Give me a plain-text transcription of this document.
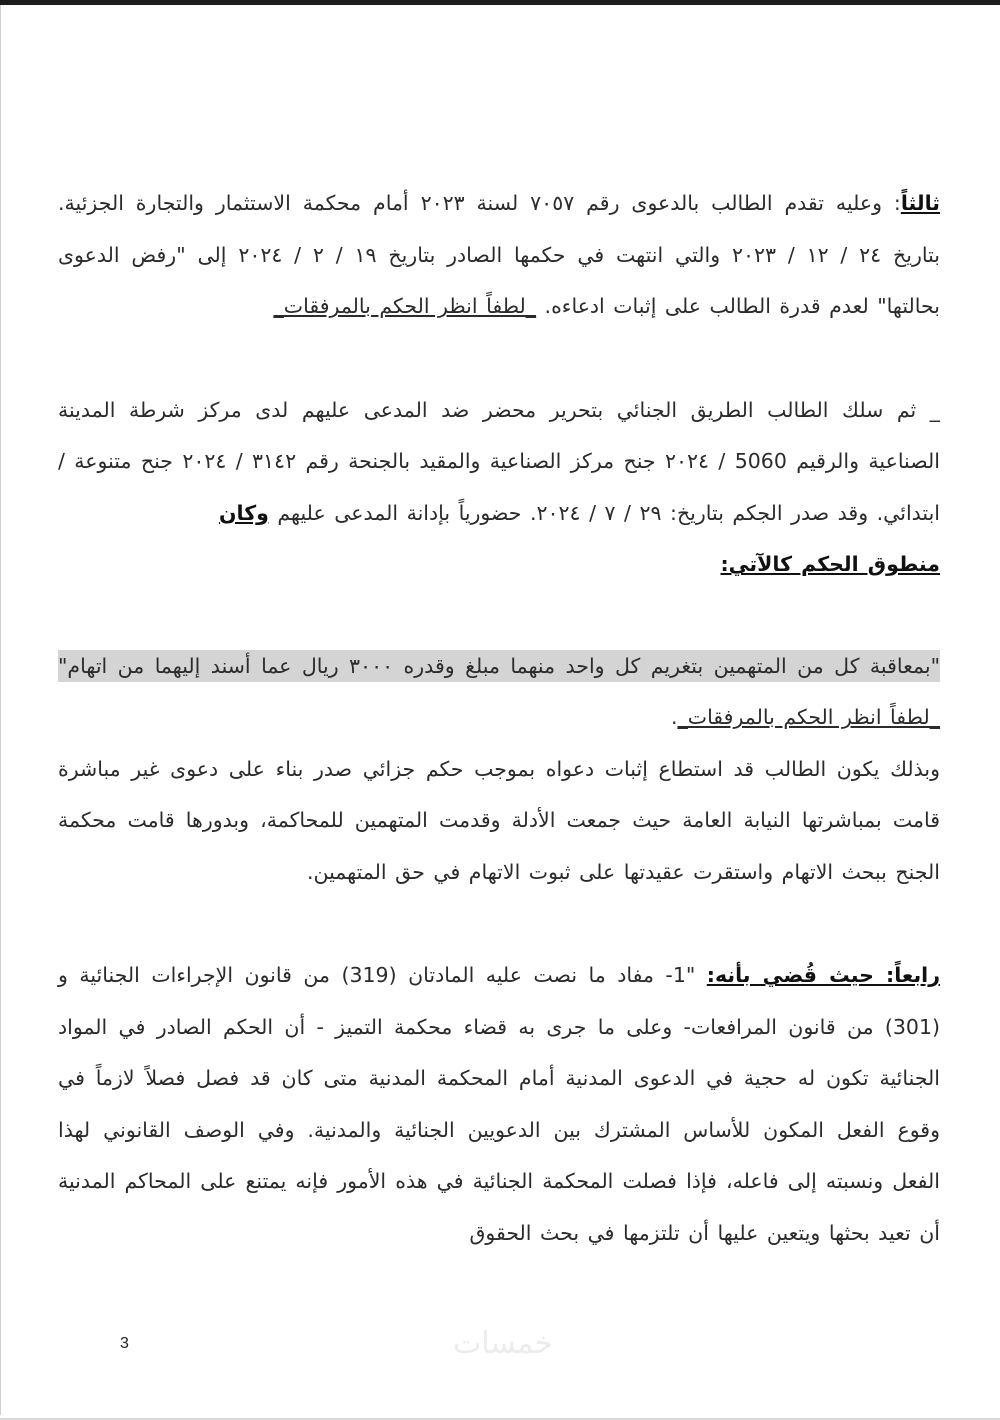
ثالثاً: وعليه تقدم الطالب بالدعوى رقم ٧٠٥٧ لسنة ٢٠٢٣ أمام محكمة الاستثمار والتجارة الجزئية. بتاريخ ٢٤ / ١٢ / ٢٠٢٣ والتي انتهت في حكمها الصادر بتاريخ ١٩ / ٢ / ٢٠٢٤ إلى "رفض الدعوى بحالتها" لعدم قدرة الطالب على إثبات ادعاءه. _لطفاً انظر الحكم بالمرفقات_

_ ثم سلك الطالب الطريق الجنائي بتحرير محضر ضد المدعى عليهم لدى مركز شرطة المدينة الصناعية والرقيم 5060 / ٢٠٢٤ جنح مركز الصناعية والمقيد بالجنحة رقم ٣١٤٢ / ٢٠٢٤ جنح متنوعة / ابتدائي. وقد صدر الجكم بتاريخ: ٢٩ / ٧ / ٢٠٢٤. حضورياً بإدانة المدعى عليهم وكان

منطوق الحكم كالآتي:

"بمعاقبة كل من المتهمين بتغريم كل واحد منهما مبلغ وقدره ٣٠٠٠ ريال عما أسند إليهما من اتهام" _لطفاً انظر الحكم بالمرفقات_.

وبذلك يكون الطالب قد استطاع إثبات دعواه بموجب حكم جزائي صدر بناء على دعوى غير مباشرة قامت بمباشرتها النيابة العامة حيث جمعت الأدلة وقدمت المتهمين للمحاكمة، وبدورها قامت محكمة الجنح ببحث الاتهام واستقرت عقيدتها على ثبوت الاتهام في حق المتهمين.

رابعاً: حيث قُضي بأنه: "1- مفاد ما نصت عليه المادتان (319) من قانون الإجراءات الجنائية و (301) من قانون المرافعات- وعلى ما جرى به قضاء محكمة التميز - أن الحكم الصادر في المواد الجنائية تكون له حجية في الدعوى المدنية أمام المحكمة المدنية متى كان قد فصل فصلاً لازماً في وقوع الفعل المكون للأساس المشترك بين الدعويين الجنائية والمدنية. وفي الوصف القانوني لهذا الفعل ونسبته إلى فاعله، فإذا فصلت المحكمة الجنائية في هذه الأمور فإنه يمتنع على المحاكم المدنية أن تعيد بحثها ويتعين عليها أن تلتزمها في بحث الحقوق

3	خمسات
